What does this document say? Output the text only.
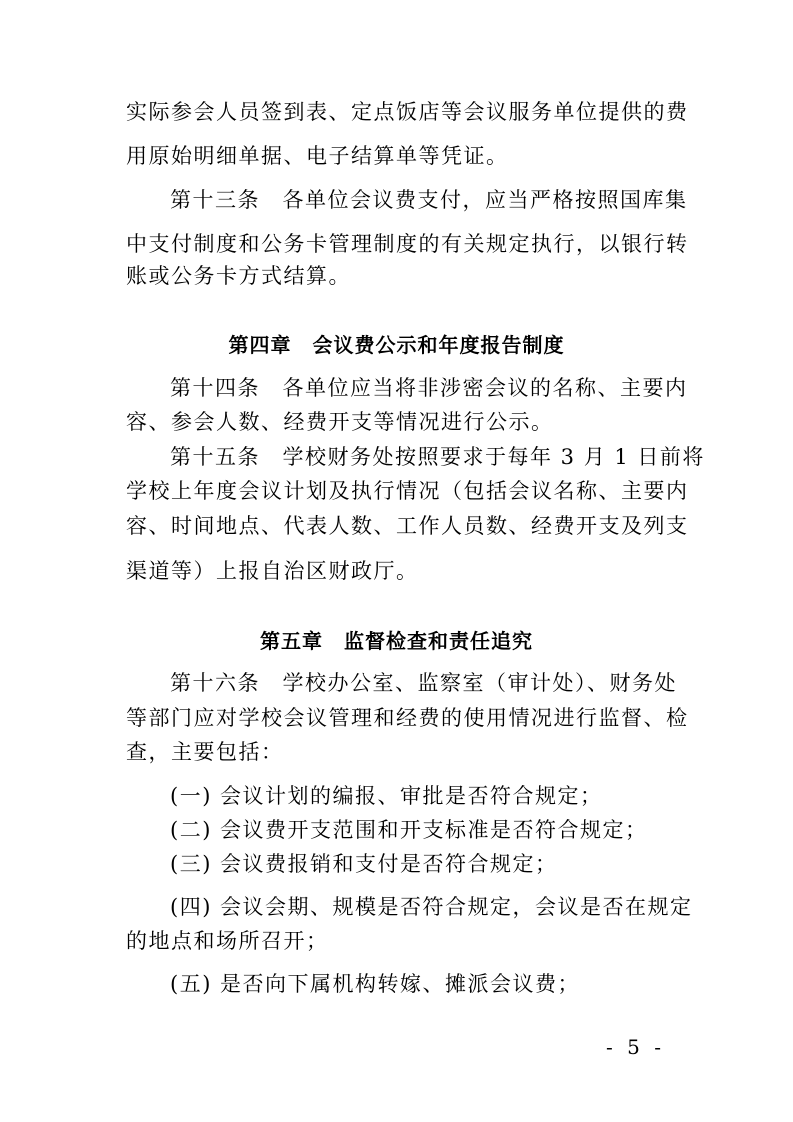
实际参会人员签到表、定点饭店等会议服务单位提供的费
用原始明细单据、电子结算单等凭证。
第十三条　各单位会议费支付，应当严格按照国库集
中支付制度和公务卡管理制度的有关规定执行，以银行转
账或公务卡方式结算。
第四章　会议费公示和年度报告制度
第十四条　各单位应当将非涉密会议的名称、主要内
容、参会人数、经费开支等情况进行公示。
第十五条　学校财务处按照要求于每年 3 月 1 日前将
学校上年度会议计划及执行情况（包括会议名称、主要内
容、时间地点、代表人数、工作人员数、经费开支及列支
渠道等）上报自治区财政厅。
第五章　监督检查和责任追究
第十六条　学校办公室、监察室（审计处）、财务处
等部门应对学校会议管理和经费的使用情况进行监督、检
查，主要包括：
(一) 会议计划的编报、审批是否符合规定；
(二) 会议费开支范围和开支标准是否符合规定；
(三) 会议费报销和支付是否符合规定；
(四) 会议会期、规模是否符合规定，会议是否在规定
的地点和场所召开；
(五) 是否向下属机构转嫁、摊派会议费；
- 5 -
